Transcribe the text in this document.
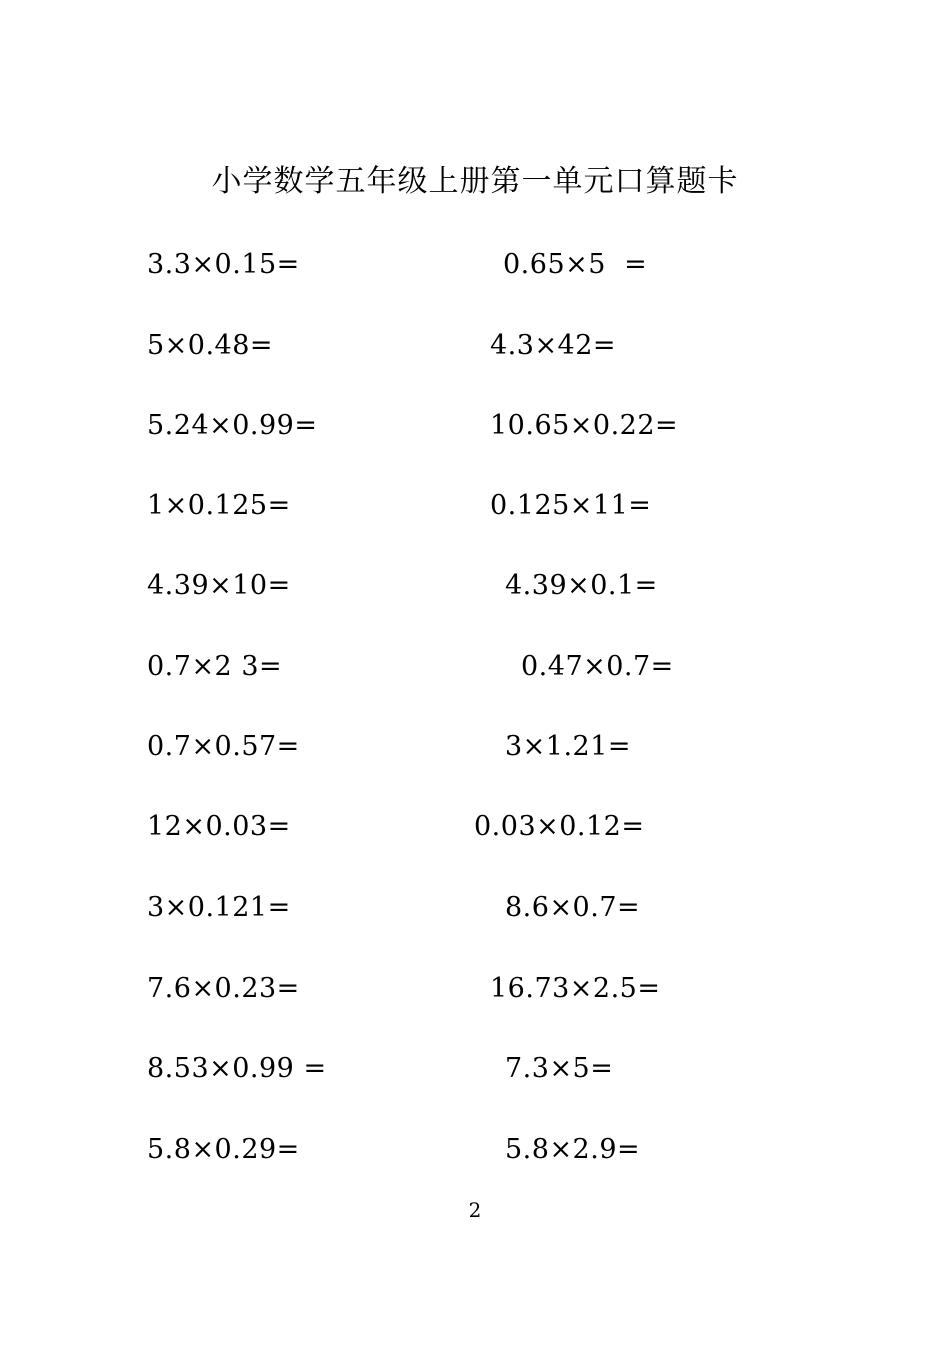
小学数学五年级上册第一单元口算题卡
3.3×0.15=	0.65×5  =
5×0.48=	4.3×42=
5.24×0.99=	10.65×0.22=
1×0.125=	0.125×11=
4.39×10=	4.39×0.1=
0.7×2 3=	0.47×0.7=
0.7×0.57=	3×1.21=
12×0.03=	0.03×0.12=
3×0.121=	8.6×0.7=
7.6×0.23=	16.73×2.5=
8.53×0.99 =	7.3×5=
5.8×0.29=	5.8×2.9=
2
